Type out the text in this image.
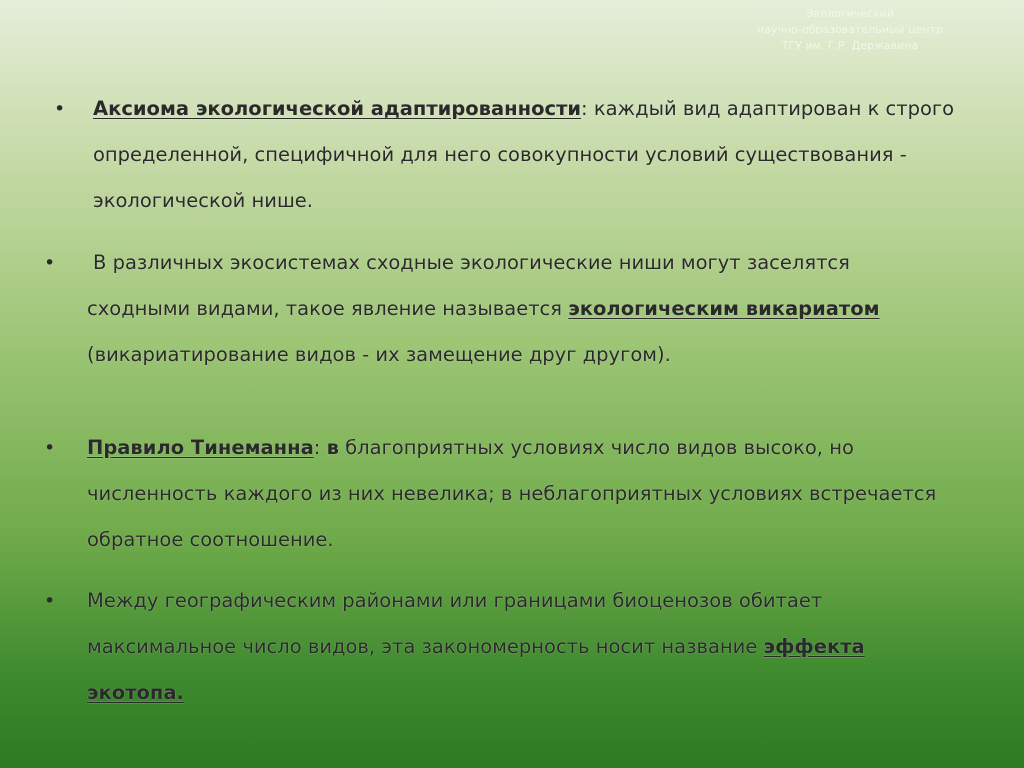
Экологический
научно-образовательный центр
ТГУ им. Г.Р. Державина
• Аксиома экологической адаптированности: каждый вид адаптирован к строго
определенной, специфичной для него совокупности условий существования -
экологической нише.
•	В различных экосистемах сходные экологические ниши могут заселятся
сходными видами, такое явление называется экологическим викариатом
(викариатирование видов - их замещение друг другом).
• Правило Тинеманна: в благоприятных условиях число видов высоко, но
численность каждого из них невелика; в неблагоприятных условиях встречается
обратное соотношение.
• Между географическим районами или границами биоценозов обитает
максимальное число видов, эта закономерность носит название эффекта
экотопа.
